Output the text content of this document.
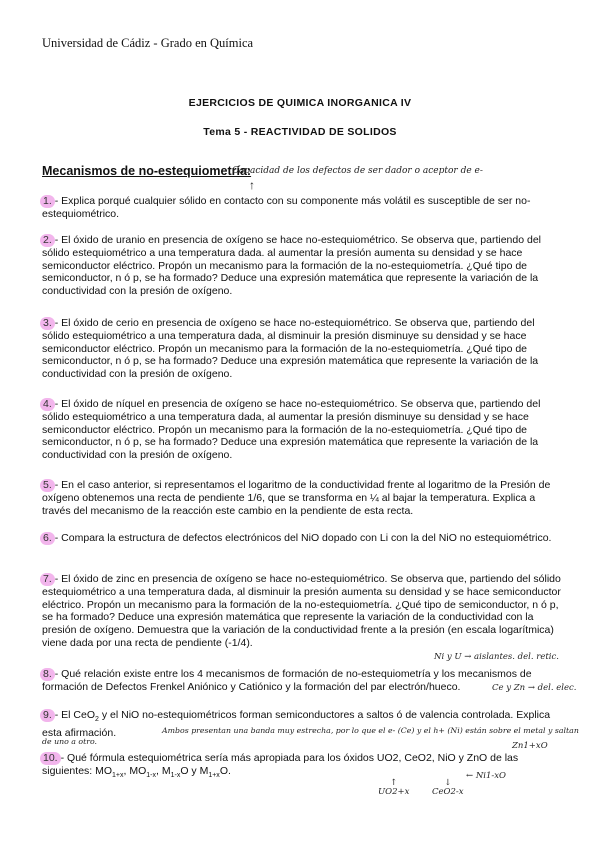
Universidad de Cádiz - Grado en Química
EJERCICIOS DE QUIMICA INORGANICA IV
Tema 5 - REACTIVIDAD DE SOLIDOS
Mecanismos de no-estequiometría:
Capacidad de los defectos de ser dador o aceptor de e-
↑
1. - Explica porqué cualquier sólido en contacto con su componente más volátil es susceptible de ser no-estequiométrico.
2. - El óxido de uranio en presencia de oxígeno se hace no-estequiométrico. Se observa que, partiendo del sólido estequiométrico a una temperatura dada. al aumentar la presión aumenta su densidad y se hace semiconductor eléctrico. Propón un mecanismo para la formación de la no-estequiometría. ¿Qué tipo de semiconductor, n ó p, se ha formado? Deduce una expresión matemática que represente la variación de la conductividad con la presión de oxígeno.
3. - El óxido de cerio en presencia de oxígeno se hace no-estequiométrico. Se observa que, partiendo del sólido estequiométrico a una temperatura dada, al disminuir la presión disminuye su densidad y se hace semiconductor eléctrico. Propón un mecanismo para la formación de la no-estequiometría. ¿Qué tipo de semiconductor, n ó p, se ha formado? Deduce una expresión matemática que represente la variación de la conductividad con la presión de oxígeno.
4. - El óxido de níquel en presencia de oxígeno se hace no-estequiométrico. Se observa que, partiendo del sólido estequiométrico a una temperatura dada, al aumentar la presión disminuye su densidad y se hace semiconductor eléctrico. Propón un mecanismo para la formación de la no-estequiometría. ¿Qué tipo de semiconductor, n ó p, se ha formado? Deduce una expresión matemática que represente la variación de la conductividad con la presión de oxígeno.
5. - En el caso anterior, si representamos el logaritmo de la conductividad frente al logaritmo de la Presión de oxígeno obtenemos una recta de pendiente 1/6, que se transforma en ¼ al bajar la temperatura. Explica a través del mecanismo de la reacción este cambio en la pendiente de esta recta.
6. - Compara la estructura de defectos electrónicos del NiO dopado con Li con la del NiO no estequiométrico.
7. - El óxido de zinc en presencia de oxígeno se hace no-estequiométrico. Se observa que, partiendo del sólido estequiométrico a una temperatura dada, al disminuir la presión aumenta su densidad y se hace semiconductor eléctrico. Propón un mecanismo para la formación de la no-estequiometría. ¿Qué tipo de semiconductor, n ó p, se ha formado? Deduce una expresión matemática que represente la variación de la conductividad con la presión de oxígeno. Demuestra que la variación de la conductividad frente a la presión (en escala logarítmica) viene dada por una recta de pendiente (-1/4).
Ni y U → aislantes. del. retic.
8. - Qué relación existe entre los 4 mecanismos de formación de no-estequiometría y los mecanismos de formación de Defectos Frenkel Aniónico y Catiónico y la formación del par electrón/hueco.	Ce y Zn → del. elec.
9. - El CeO$_2$ y el NiO no-estequiométricos forman semiconductores a saltos ó de valencia controlada. Explica esta afirmación.	Ambos presentan una banda muy estrecha, por lo que el e- (Ce) y el h+ (Ni) están sobre el metal y saltan de uno a otro.	Zn1+xO
10. - Qué fórmula estequiométrica sería más apropiada para los óxidos UO2, CeO2, NiO y ZnO de las siguientes: $MO_{1+x}$, $MO_{1-x}$, $M_{1-x}O$ y $M_{1+x}O$.
↑
UO2+x
↓
CeO2-x
← Ni1-xO
